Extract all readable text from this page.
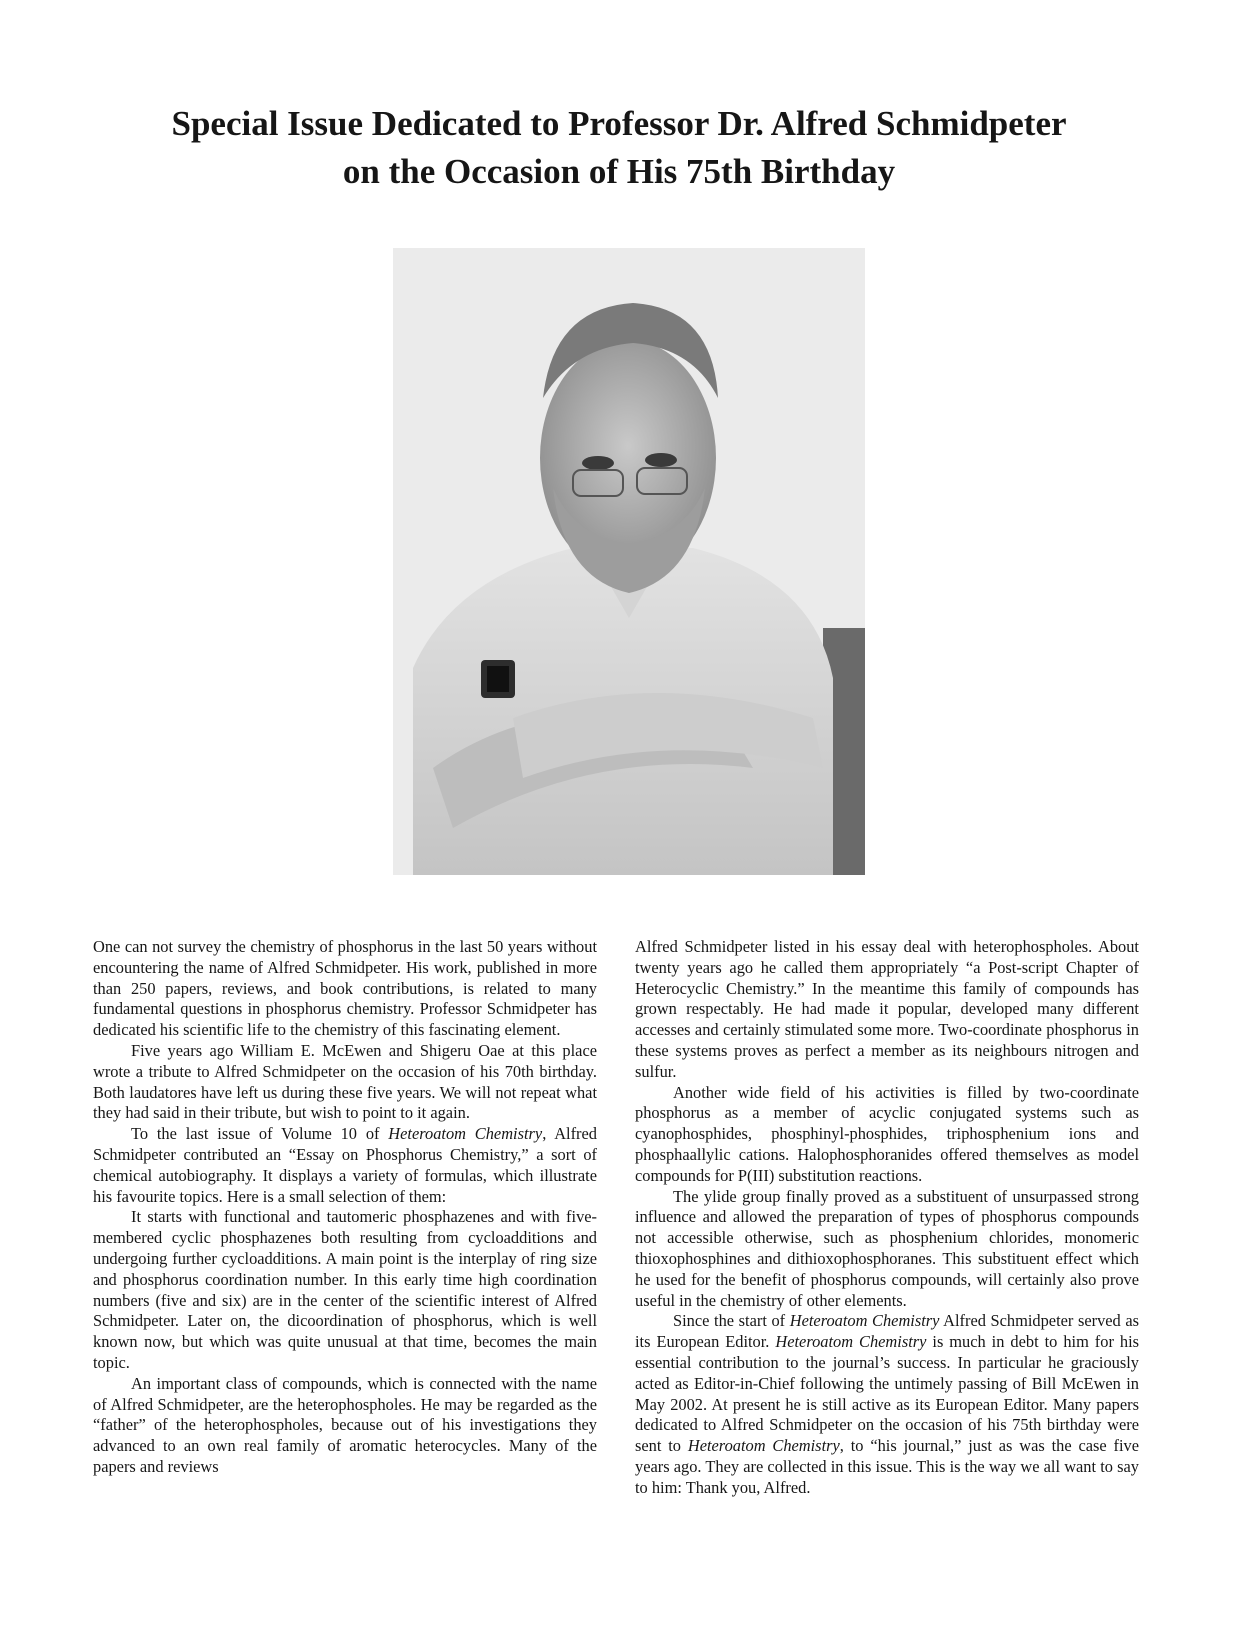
Special Issue Dedicated to Professor Dr. Alfred Schmidpeter
on the Occasion of His 75th Birthday

One can not survey the chemistry of phosphorus in the last 50 years without encountering the name of Alfred Schmidpeter. His work, published in more than 250 papers, reviews, and book contributions, is related to many fundamental questions in phosphorus chemistry. Professor Schmidpeter has dedicated his scientific life to the chemistry of this fascinating element.

Five years ago William E. McEwen and Shigeru Oae at this place wrote a tribute to Alfred Schmidpeter on the occasion of his 70th birthday. Both laudatores have left us during these five years. We will not repeat what they had said in their tribute, but wish to point to it again.

To the last issue of Volume 10 of Heteroatom Chemistry, Alfred Schmidpeter contributed an “Essay on Phosphorus Chemistry,” a sort of chemical autobiography. It displays a variety of formulas, which illustrate his favourite topics. Here is a small selection of them:

It starts with functional and tautomeric phosphazenes and with five-membered cyclic phosphazenes both resulting from cycloadditions and undergoing further cycloadditions. A main point is the interplay of ring size and phosphorus coordination number. In this early time high coordination numbers (five and six) are in the center of the scientific interest of Alfred Schmidpeter. Later on, the dicoordination of phosphorus, which is well known now, but which was quite unusual at that time, becomes the main topic.

An important class of compounds, which is connected with the name of Alfred Schmidpeter, are the heterophospholes. He may be regarded as the “father” of the heterophospholes, because out of his investigations they advanced to an own real family of aromatic heterocycles. Many of the papers and reviews

Alfred Schmidpeter listed in his essay deal with heterophospholes. About twenty years ago he called them appropriately “a Post-script Chapter of Heterocyclic Chemistry.” In the meantime this family of compounds has grown respectably. He had made it popular, developed many different accesses and certainly stimulated some more. Two-coordinate phosphorus in these systems proves as perfect a member as its neighbours nitrogen and sulfur.

Another wide field of his activities is filled by two-coordinate phosphorus as a member of acyclic conjugated systems such as cyanophosphides, phosphinyl-phosphides, triphosphenium ions and phosphaallylic cations. Halophosphoranides offered themselves as model compounds for P(III) substitution reactions.

The ylide group finally proved as a substituent of unsurpassed strong influence and allowed the preparation of types of phosphorus compounds not accessible otherwise, such as phosphenium chlorides, monomeric thioxophosphines and dithioxophosphoranes. This substituent effect which he used for the benefit of phosphorus compounds, will certainly also prove useful in the chemistry of other elements.

Since the start of Heteroatom Chemistry Alfred Schmidpeter served as its European Editor. Heteroatom Chemistry is much in debt to him for his essential contribution to the journal’s success. In particular he graciously acted as Editor-in-Chief following the untimely passing of Bill McEwen in May 2002. At present he is still active as its European Editor. Many papers dedicated to Alfred Schmidpeter on the occasion of his 75th birthday were sent to Heteroatom Chemistry, to “his journal,” just as was the case five years ago. They are collected in this issue. This is the way we all want to say to him: Thank you, Alfred.
